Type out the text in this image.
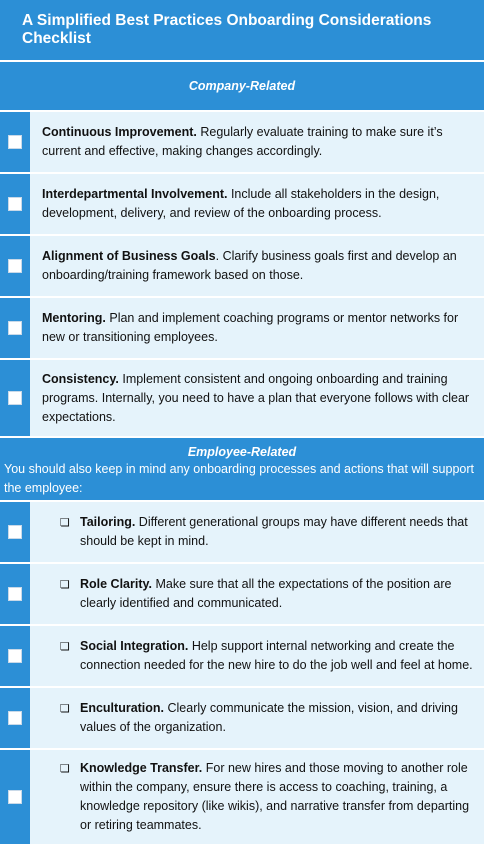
A Simplified Best Practices Onboarding Considerations Checklist
Company-Related
Continuous Improvement. Regularly evaluate training to make sure it’s current and effective, making changes accordingly.
Interdepartmental Involvement. Include all stakeholders in the design, development, delivery, and review of the onboarding process.
Alignment of Business Goals. Clarify business goals first and develop an onboarding/training framework based on those.
Mentoring. Plan and implement coaching programs or mentor networks for new or transitioning employees.
Consistency. Implement consistent and ongoing onboarding and training programs. Internally, you need to have a plan that everyone follows with clear expectations.
Employee-Related
You should also keep in mind any onboarding processes and actions that will support the employee:
❏ Tailoring. Different generational groups may have different needs that should be kept in mind.
❏ Role Clarity. Make sure that all the expectations of the position are clearly identified and communicated.
❏ Social Integration. Help support internal networking and create the connection needed for the new hire to do the job well and feel at home.
❏ Enculturation. Clearly communicate the mission, vision, and driving values of the organization.
❏ Knowledge Transfer. For new hires and those moving to another role within the company, ensure there is access to coaching, training, a knowledge repository (like wikis), and narrative transfer from departing or retiring teammates.
